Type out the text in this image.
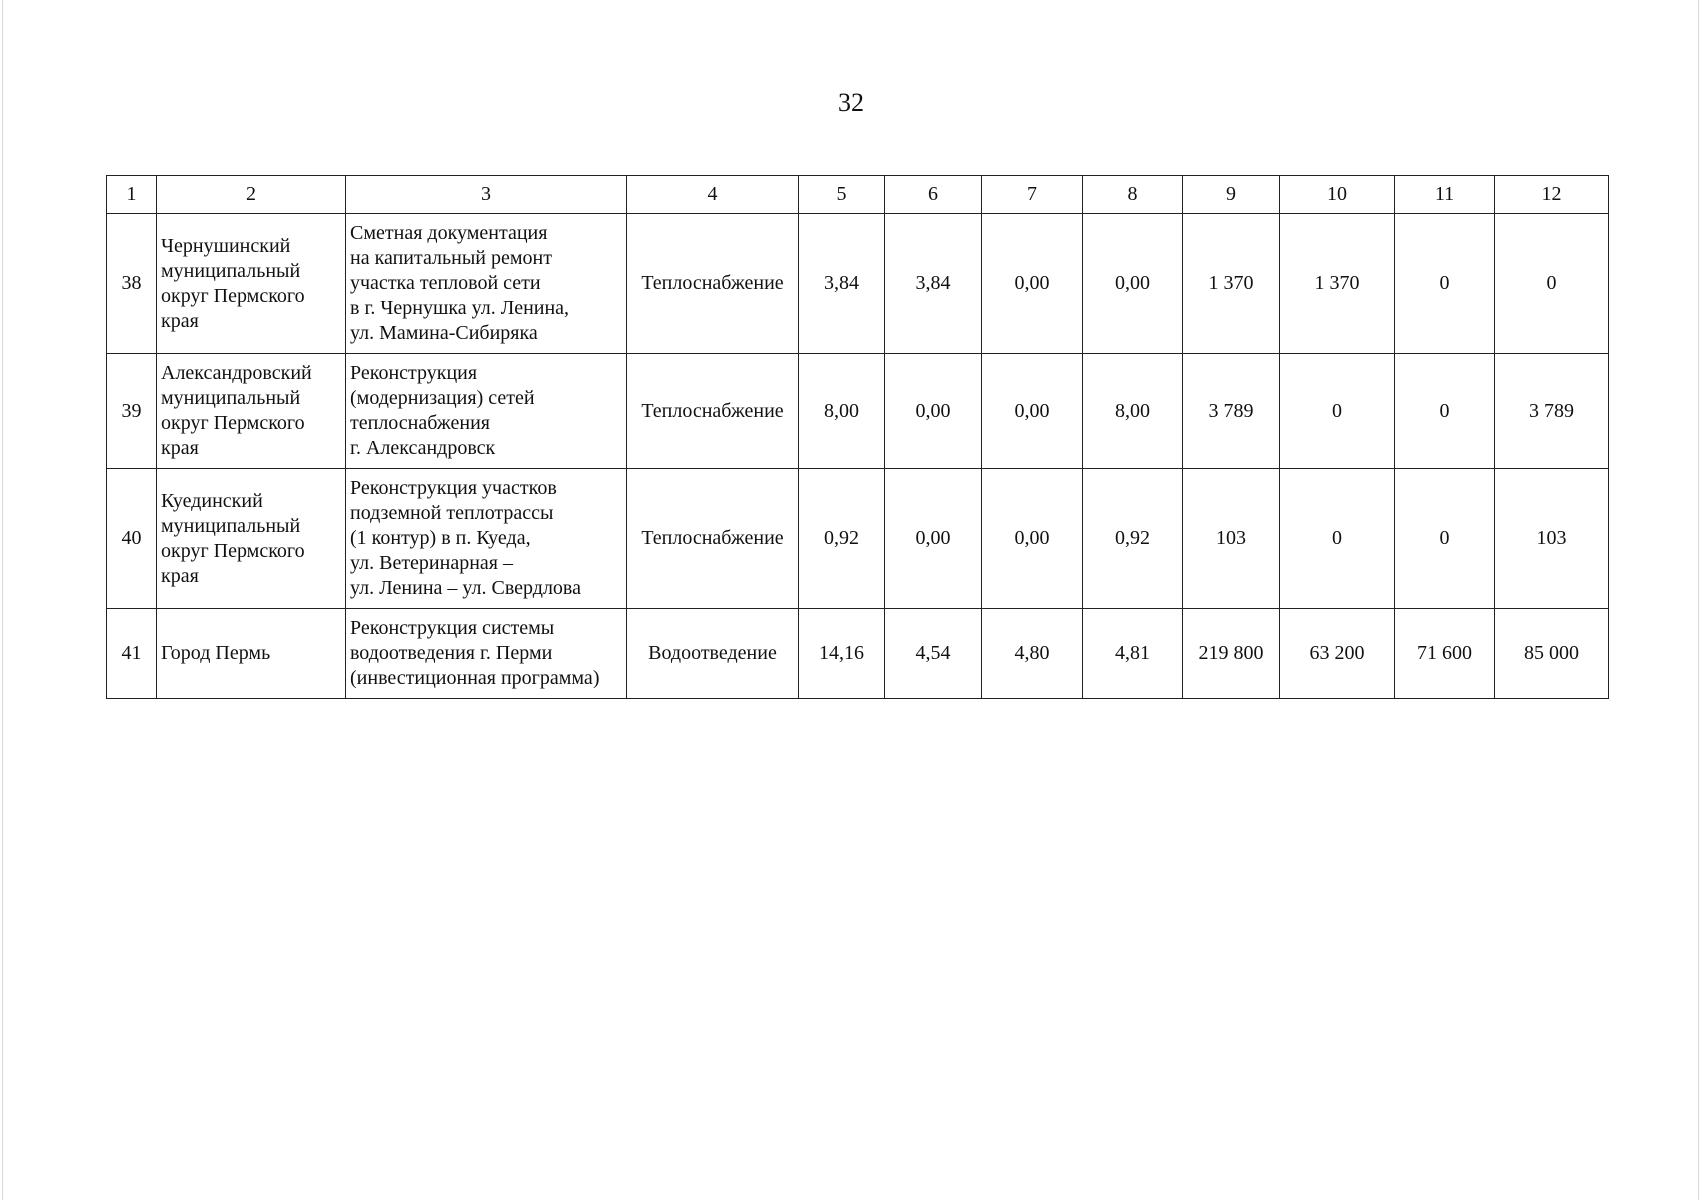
32
1	2	3	4	5	6	7	8	9	10	11	12
38	Чернушинский
муниципальный
округ Пермского
края	Сметная документация
на капитальный ремонт
участка тепловой сети
в г. Чернушка ул. Ленина,
ул. Мамина-Сибиряка	Теплоснабжение	3,84	3,84	0,00	0,00	1 370	1 370	0	0
39	Александровский
муниципальный
округ Пермского
края	Реконструкция
(модернизация) сетей
теплоснабжения
г. Александровск	Теплоснабжение	8,00	0,00	0,00	8,00	3 789	0	0	3 789
40	Куединский
муниципальный
округ Пермского
края	Реконструкция участков
подземной теплотрассы
(1 контур) в п. Куеда,
ул. Ветеринарная –
ул. Ленина – ул. Свердлова	Теплоснабжение	0,92	0,00	0,00	0,92	103	0	0	103
41	Город Пермь	Реконструкция системы
водоотведения г. Перми
(инвестиционная программа)	Водоотведение	14,16	4,54	4,80	4,81	219 800	63 200	71 600	85 000
